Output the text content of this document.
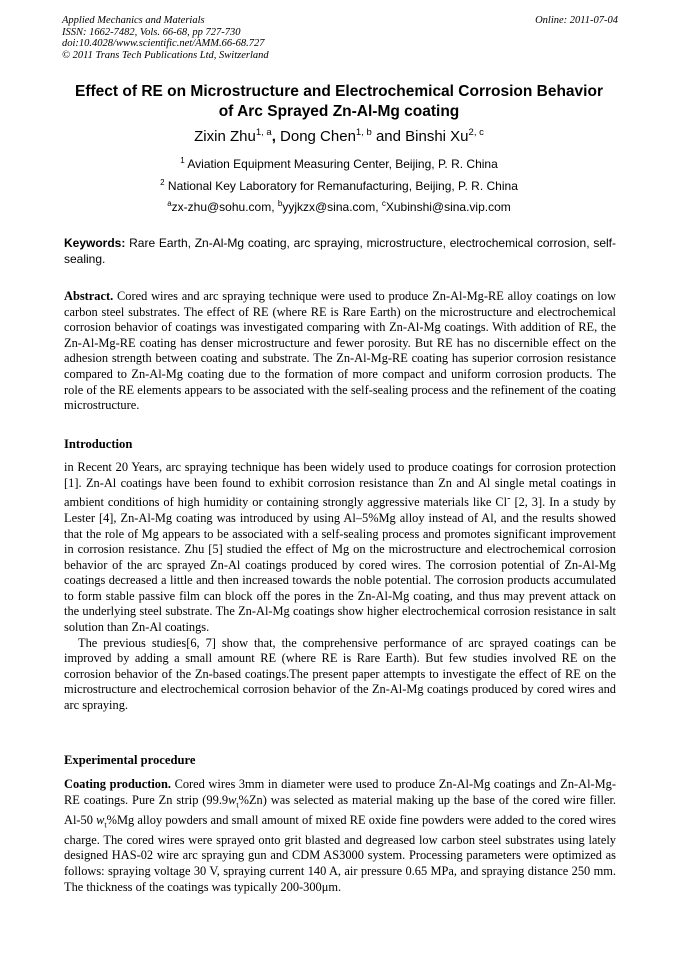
Applied Mechanics and Materials
ISSN: 1662-7482, Vols. 66-68, pp 727-730
doi:10.4028/www.scientific.net/AMM.66-68.727
© 2011 Trans Tech Publications Ltd, Switzerland
Online: 2011-07-04
Effect of RE on Microstructure and Electrochemical Corrosion Behavior
of Arc Sprayed Zn-Al-Mg coating
Zixin Zhu$^{1, a}$, Dong Chen$^{1, b}$ and Binshi Xu$^{2, c}$
$^1$ Aviation Equipment Measuring Center, Beijing, P. R. China
$^2$ National Key Laboratory for Remanufacturing, Beijing, P. R. China
$^a$zx-zhu@sohu.com, $^b$yyjkzx@sina.com, $^c$Xubinshi@sina.vip.com
Keywords: Rare Earth, Zn-Al-Mg coating, arc spraying, microstructure, electrochemical corrosion, self-sealing.
Abstract. Cored wires and arc spraying technique were used to produce Zn-Al-Mg-RE alloy coatings on low carbon steel substrates. The effect of RE (where RE is Rare Earth) on the microstructure and electrochemical corrosion behavior of coatings was investigated comparing with Zn-Al-Mg coatings. With addition of RE, the Zn-Al-Mg-RE coating has denser microstructure and fewer porosity. But RE has no discernible effect on the adhesion strength between coating and substrate. The Zn-Al-Mg-RE coating has superior corrosion resistance compared to Zn-Al-Mg coating due to the formation of more compact and uniform corrosion products. The role of the RE elements appears to be associated with the self-sealing process and the refinement of the coating microstructure.
Introduction

in Recent 20 Years, arc spraying technique has been widely used to produce coatings for corrosion protection [1]. Zn-Al coatings have been found to exhibit corrosion resistance than Zn and Al single metal coatings in ambient conditions of high humidity or containing strongly aggressive materials like Cl- [2, 3]. In a study by Lester [4], Zn-Al-Mg coating was introduced by using Al–5%Mg alloy instead of Al, and the results showed that the role of Mg appears to be associated with a self-sealing process and promotes significant improvement in corrosion resistance. Zhu [5] studied the effect of Mg on the microstructure and electrochemical corrosion behavior of the arc sprayed Zn-Al coatings produced by cored wires. The corrosion potential of Zn-Al-Mg coatings decreased a little and then increased towards the noble potential. The corrosion products accumulated to form stable passive film can block off the pores in the Zn-Al-Mg coating, and thus may prevent attack on the underlying steel substrate. The Zn-Al-Mg coatings show higher electrochemical corrosion resistance in salt solution than Zn-Al coatings.

The previous studies[6, 7] show that, the comprehensive performance of arc sprayed coatings can be improved by adding a small amount RE (where RE is Rare Earth). But few studies involved RE on the corrosion behavior of the Zn-based coatings.The present paper attempts to investigate the effect of RE on the microstructure and electrochemical corrosion behavior of the Zn-Al-Mg coatings produced by cored wires and arc spraying.

Experimental procedure

Coating production. Cored wires 3mm in diameter were used to produce Zn-Al-Mg coatings and Zn-Al-Mg-RE coatings. Pure Zn strip $(99.9w_t\%Zn)$ was selected as material making up the base of the cored wire filler. Al-50 $w_t\%Mg$ alloy powders and small amount of mixed RE oxide fine powders were added to the cored wires charge. The cored wires were sprayed onto grit blasted and degreased low carbon steel substrates using lately designed HAS-02 wire arc spraying gun and CDM AS3000 system. Processing parameters were optimized as follows: spraying voltage 30 V, spraying current 140 A, air pressure 0.65 MPa, and spraying distance 250 mm. The thickness of the coatings was typically 200-300μm.
